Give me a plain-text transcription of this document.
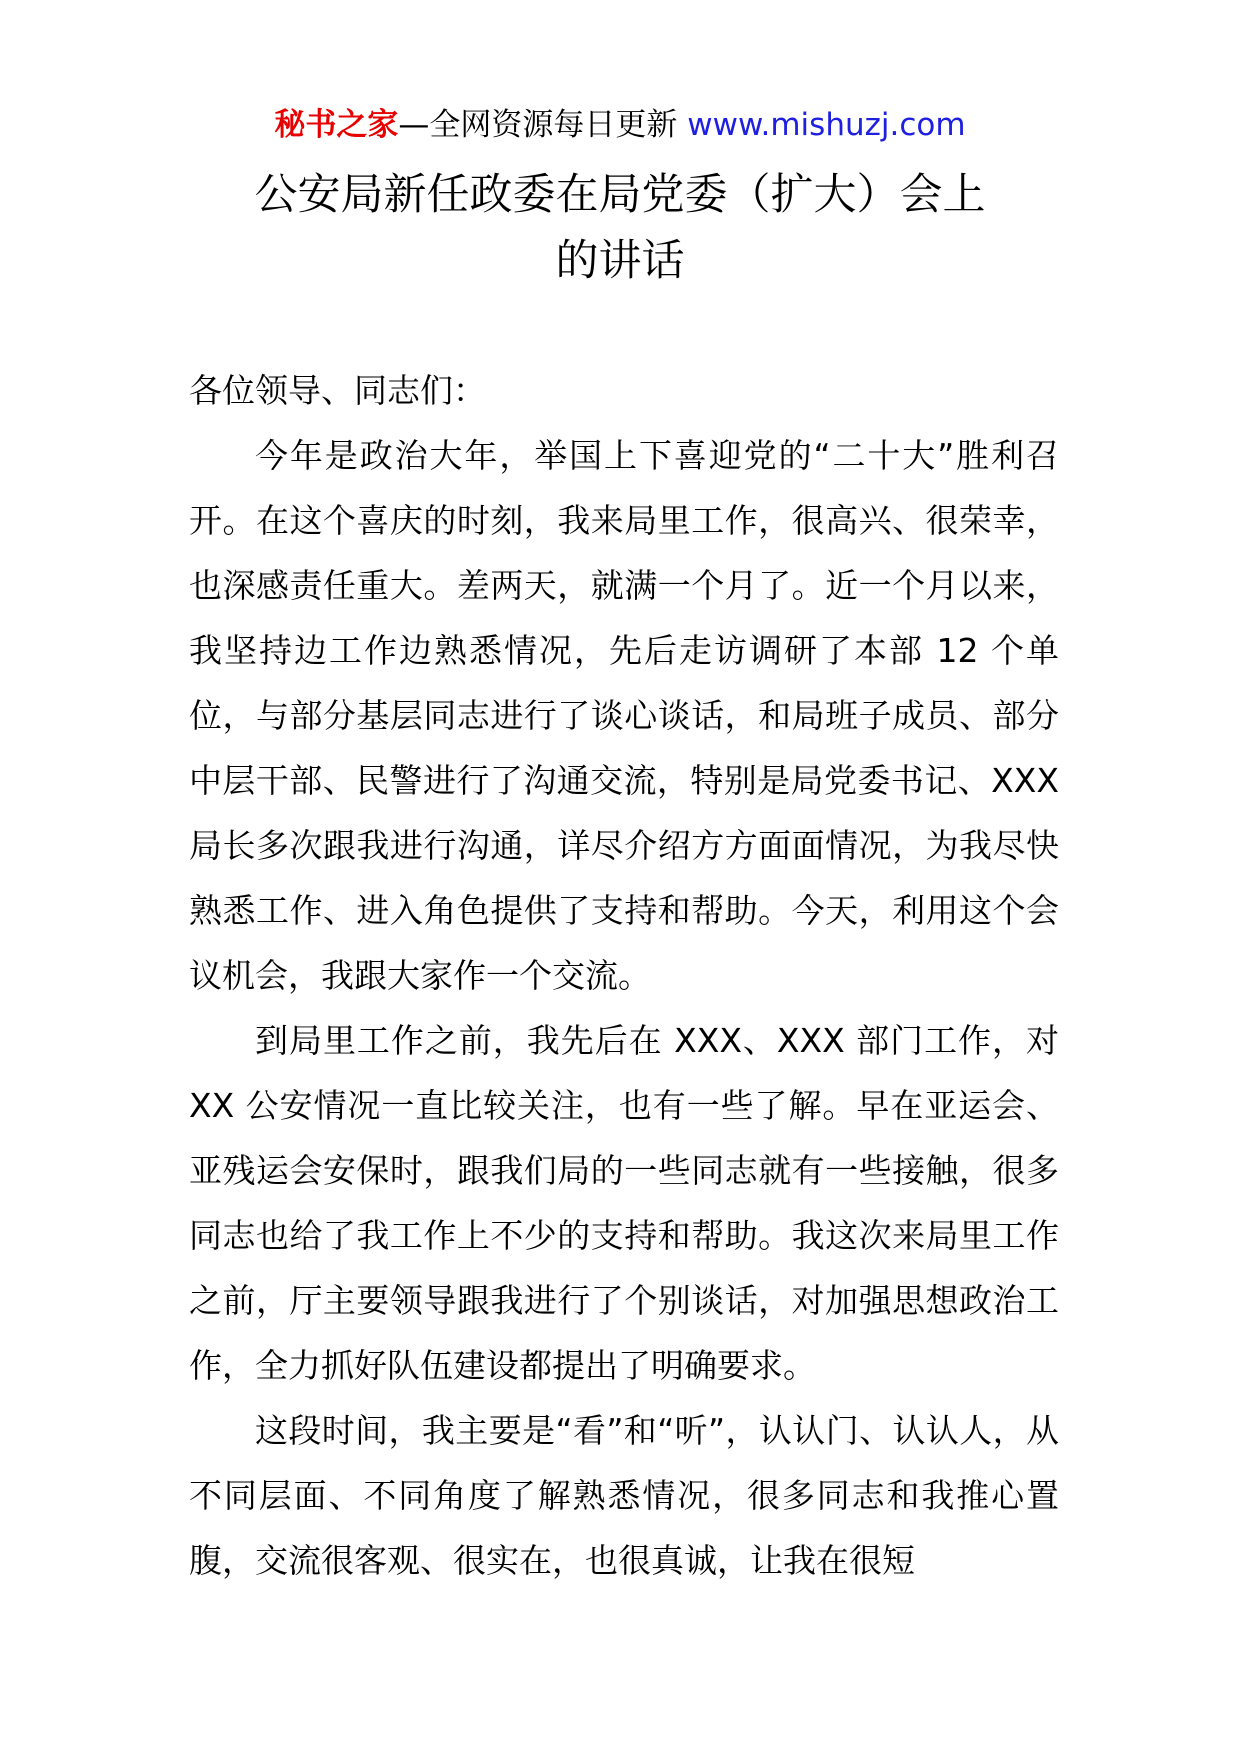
秘书之家—全网资源每日更新 www.mishuzj.com
公安局新任政委在局党委（扩大）会上
的讲话

各位领导、同志们：

今年是政治大年，举国上下喜迎党的“二十大”胜利召开。在这个喜庆的时刻，我来局里工作，很高兴、很荣幸，也深感责任重大。差两天，就满一个月了。近一个月以来，我坚持边工作边熟悉情况，先后走访调研了本部 12 个单位，与部分基层同志进行了谈心谈话，和局班子成员、部分中层干部、民警进行了沟通交流，特别是局党委书记、XXX 局长多次跟我进行沟通，详尽介绍方方面面情况，为我尽快熟悉工作、进入角色提供了支持和帮助。今天，利用这个会议机会，我跟大家作一个交流。

到局里工作之前，我先后在 XXX、XXX 部门工作，对 XX 公安情况一直比较关注，也有一些了解。早在亚运会、亚残运会安保时，跟我们局的一些同志就有一些接触，很多同志也给了我工作上不少的支持和帮助。我这次来局里工作之前，厅主要领导跟我进行了个别谈话，对加强思想政治工作，全力抓好队伍建设都提出了明确要求。

这段时间，我主要是“看”和“听”，认认门、认认人，从不同层面、不同角度了解熟悉情况，很多同志和我推心置腹，交流很客观、很实在，也很真诚，让我在很短
